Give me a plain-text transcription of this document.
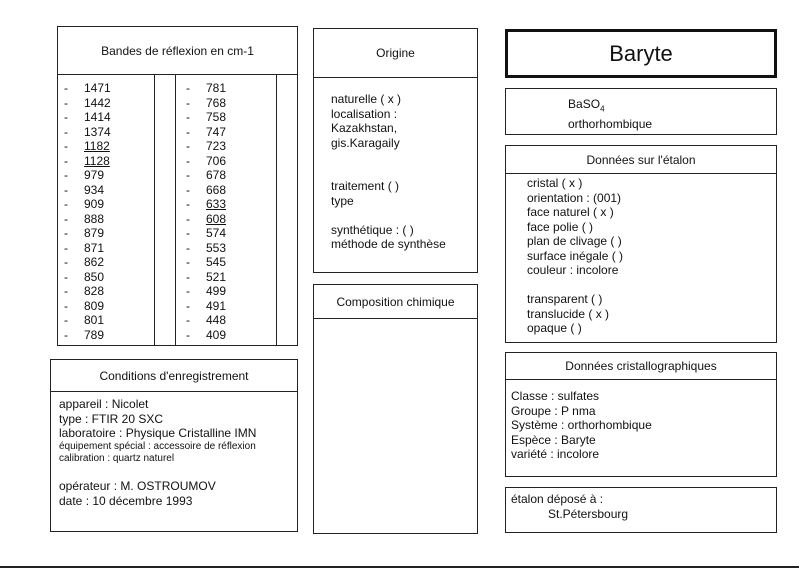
Bandes de réflexion en cm-1
- 1471
- 1442
- 1414
- 1374
- 1182
- 1128
- 979
- 934
- 909
- 888
- 879
- 871
- 862
- 850
- 828
- 809
- 801
- 789
- 781
- 768
- 758
- 747
- 723
- 706
- 678
- 668
- 633
- 608
- 574
- 553
- 545
- 521
- 499
- 491
- 448
- 409
Conditions d'enregistrement
appareil : Nicolet
type : FTIR 20 SXC
laboratoire : Physique Cristalline IMN
équipement spécial : accessoire de réflexion
calibration : quartz naturel
opérateur : M. OSTROUMOV
date : 10 décembre 1993
Origine
naturelle ( x )
localisation :
Kazakhstan,
gis.Karagaily
traitement ( )
type
synthétique : ( )
méthode de synthèse
Composition chimique
Baryte
BaSO$_4$
orthorhombique
Données sur l'étalon
cristal ( x )
orientation : (001)
face naturel ( x )
face polie ( )
plan de clivage ( )
surface inégale ( )
couleur : incolore
transparent ( )
translucide ( x )
opaque ( )
Données cristallographiques
Classe : sulfates
Groupe : P nma
Système : orthorhombique
Espèce : Baryte
variété : incolore
étalon déposé à :
St.Pétersbourg
